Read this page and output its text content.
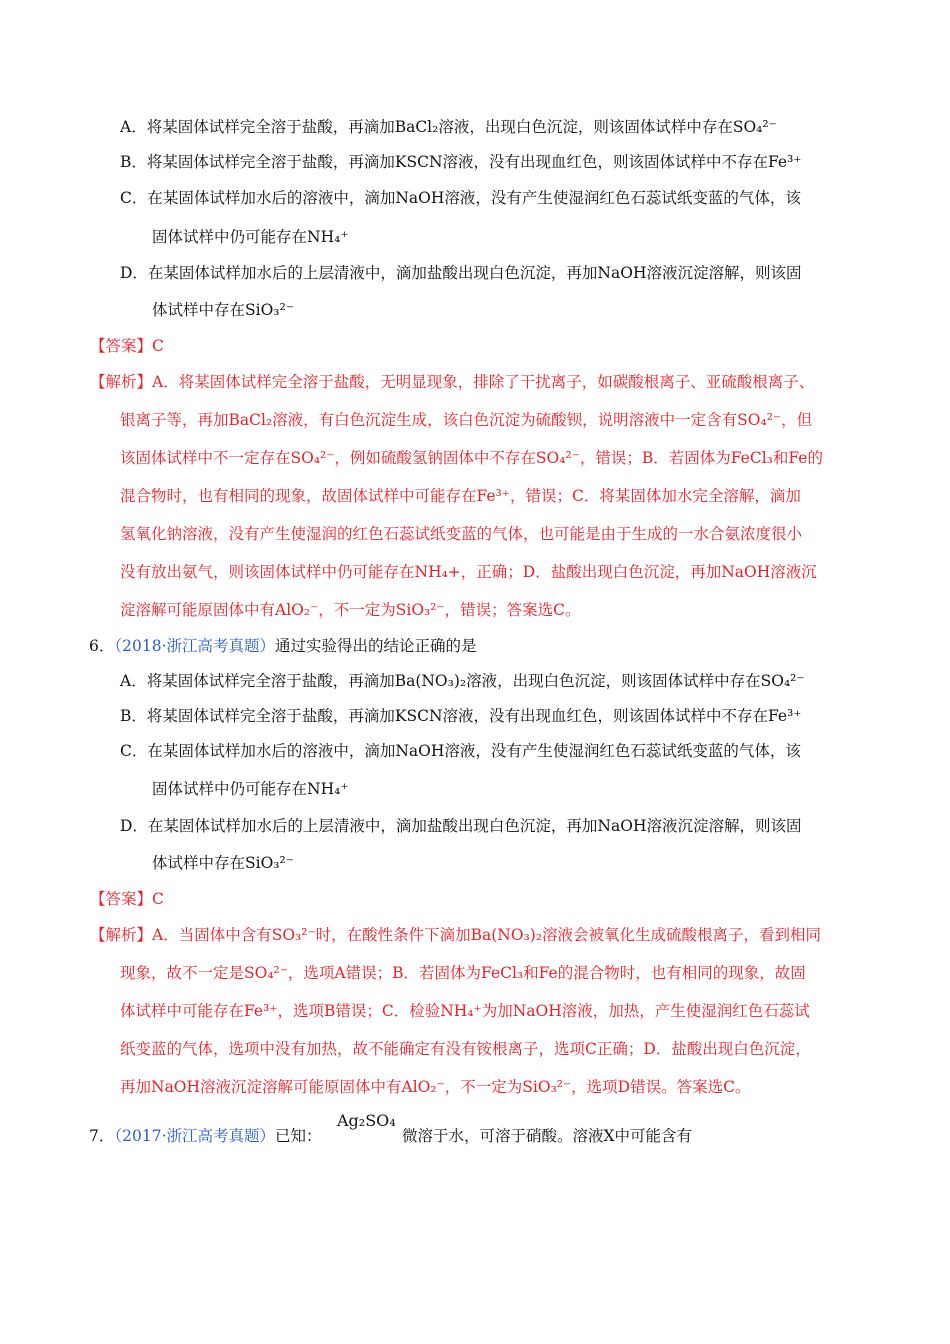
A．将某固体试样完全溶于盐酸，再滴加BaCl₂溶液，出现白色沉淀，则该固体试样中存在SO₄²⁻
B．将某固体试样完全溶于盐酸，再滴加KSCN溶液，没有出现血红色，则该固体试样中不存在Fe³⁺
C．在某固体试样加水后的溶液中，滴加NaOH溶液，没有产生使湿润红色石蕊试纸变蓝的气体，该
固体试样中仍可能存在NH₄⁺
D．在某固体试样加水后的上层清液中，滴加盐酸出现白色沉淀，再加NaOH溶液沉淀溶解，则该固
体试样中存在SiO₃²⁻
【答案】C
【解析】A．将某固体试样完全溶于盐酸，无明显现象，排除了干扰离子，如碳酸根离子、亚硫酸根离子、
银离子等，再加BaCl₂溶液，有白色沉淀生成，该白色沉淀为硫酸钡，说明溶液中一定含有SO₄²⁻，但
该固体试样中不一定存在SO₄²⁻，例如硫酸氢钠固体中不存在SO₄²⁻，错误；B．若固体为FeCl₃和Fe的
混合物时，也有相同的现象，故固体试样中可能存在Fe³⁺，错误；C．将某固体加水完全溶解，滴加
氢氧化钠溶液，没有产生使湿润的红色石蕊试纸变蓝的气体，也可能是由于生成的一水合氨浓度很小
没有放出氨气，则该固体试样中仍可能存在NH₄+，正确；D．盐酸出现白色沉淀，再加NaOH溶液沉
淀溶解可能原固体中有AlO₂⁻，不一定为SiO₃²⁻，错误；答案选C。
6．（2018·浙江高考真题）通过实验得出的结论正确的是
A．将某固体试样完全溶于盐酸，再滴加Ba(NO₃)₂溶液，出现白色沉淀，则该固体试样中存在SO₄²⁻
B．将某固体试样完全溶于盐酸，再滴加KSCN溶液，没有出现血红色，则该固体试样中不存在Fe³⁺
C．在某固体试样加水后的溶液中，滴加NaOH溶液，没有产生使湿润红色石蕊试纸变蓝的气体，该
固体试样中仍可能存在NH₄⁺
D．在某固体试样加水后的上层清液中，滴加盐酸出现白色沉淀，再加NaOH溶液沉淀溶解，则该固
体试样中存在SiO₃²⁻
【答案】C
【解析】A．当固体中含有SO₃²⁻时，在酸性条件下滴加Ba(NO₃)₂溶液会被氧化生成硫酸根离子，看到相同
现象，故不一定是SO₄²⁻，选项A错误；B．若固体为FeCl₃和Fe的混合物时，也有相同的现象，故固
体试样中可能存在Fe³⁺，选项B错误；C．检验NH₄⁺为加NaOH溶液，加热，产生使湿润红色石蕊试
纸变蓝的气体，选项中没有加热，故不能确定有没有铵根离子，选项C正确；D．盐酸出现白色沉淀，
再加NaOH溶液沉淀溶解可能原固体中有AlO₂⁻，不一定为SiO₃²⁻，选项D错误。答案选C。
7．（2017·浙江高考真题）已知：
Ag₂SO₄
微溶于水，可溶于硝酸。溶液X中可能含有
